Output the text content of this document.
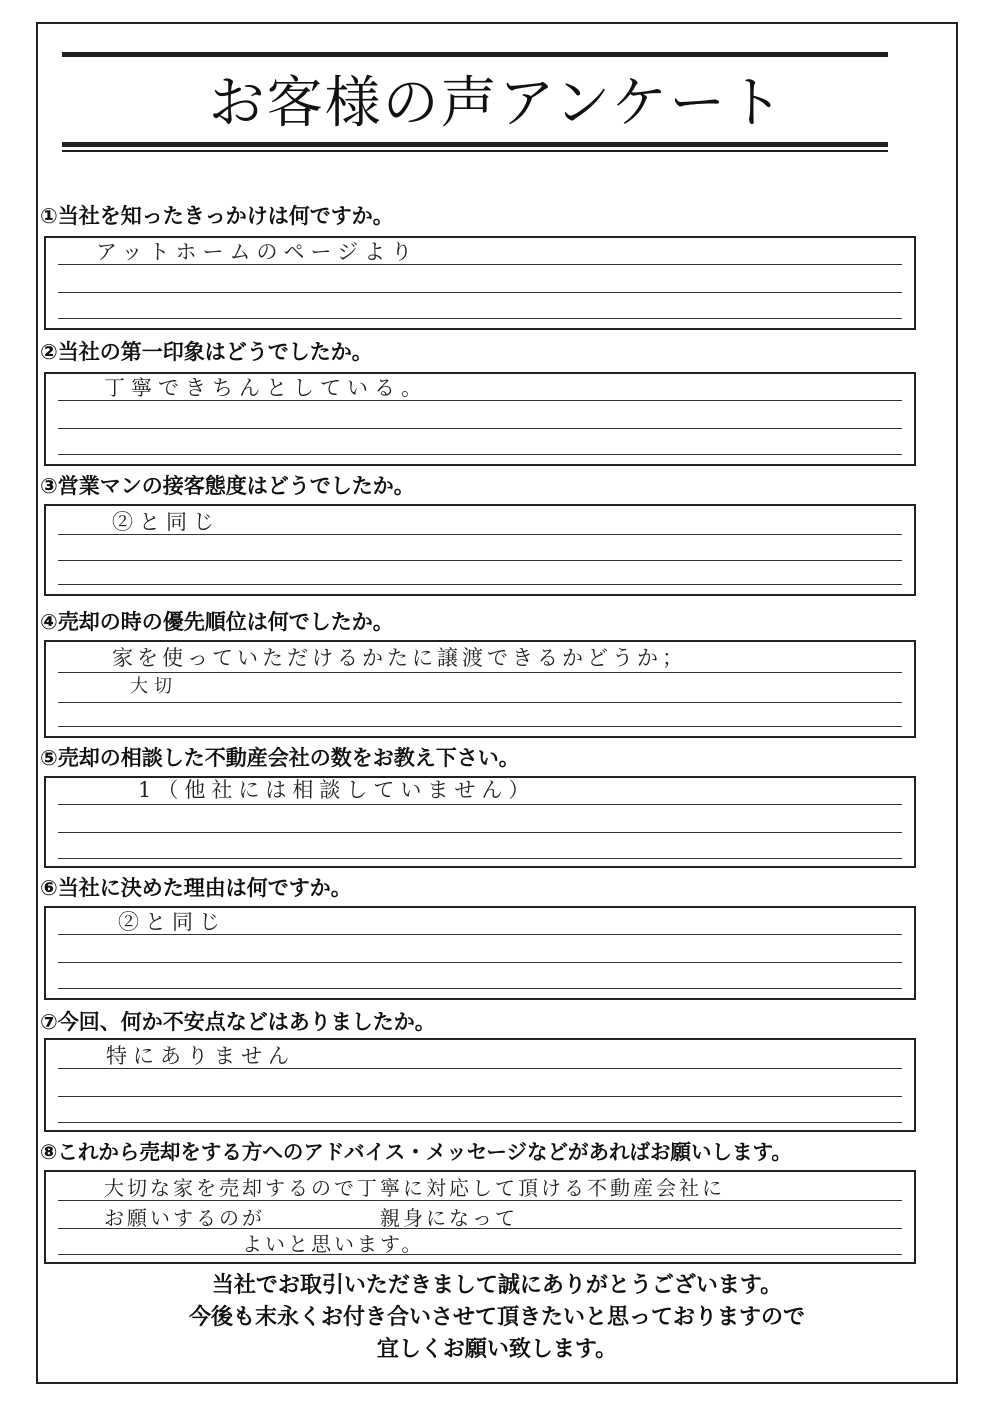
お客様の声アンケート
①当社を知ったきっかけは何ですか。
アットホームのページより
②当社の第一印象はどうでしたか。
丁寧できちんとしている。
③営業マンの接客態度はどうでしたか。
②と同じ
④売却の時の優先順位は何でしたか。
家を使っていただけるかたに譲渡できるかどうか；
大切
⑤売却の相談した不動産会社の数をお教え下さい。
1（他社には相談していません）
⑥当社に決めた理由は何ですか。
②と同じ
⑦今回、何か不安点などはありましたか。
特にありません
⑧これから売却をする方へのアドバイス・メッセージなどがあればお願いします。
大切な家を売却するので丁寧に対応して頂ける不動産会社に
お願いするのが　　　　　親身になって
よいと思います。
当社でお取引いただきまして誠にありがとうございます。
今後も末永くお付き合いさせて頂きたいと思っておりますので
宜しくお願い致します。
